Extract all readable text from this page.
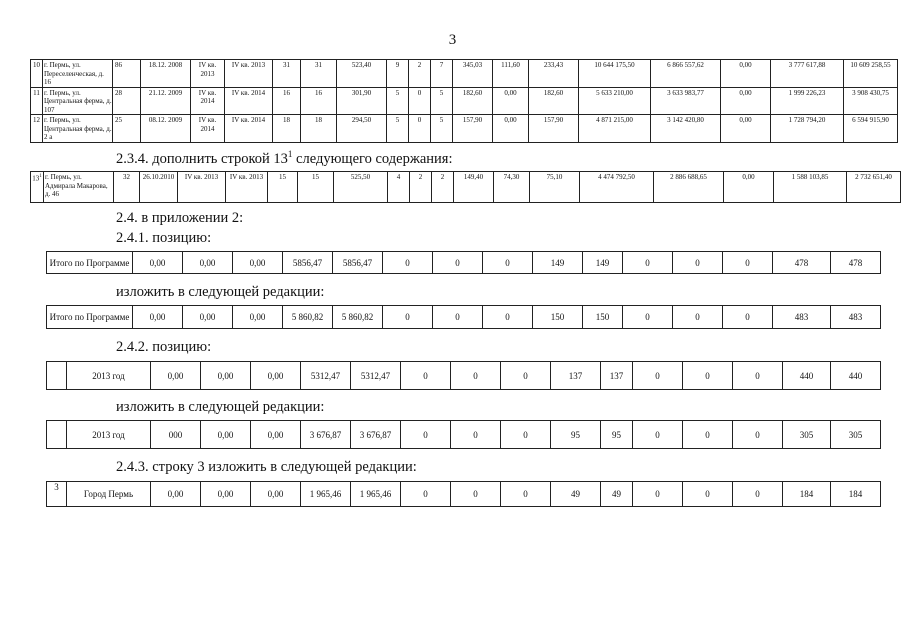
3
10	г. Пермь, ул. Переселенческая, д. 16	86	18.12. 2008	IV кв. 2013	IV кв. 2013	31	31	523,40	9	2	7	345,03	111,60	233,43	10 644 175,50	6 866 557,62	0,00	3 777 617,88	10 609 258,55
11	г. Пермь, ул. Центральная ферма, д. 107	28	21.12. 2009	IV кв. 2014	IV кв. 2014	16	16	301,90	5	0	5	182,60	0,00	182,60	5 633 210,00	3 633 983,77	0,00	1 999 226,23	3 908 430,75
12	г. Пермь, ул. Центральная ферма, д. 2 а	25	08.12. 2009	IV кв. 2014	IV кв. 2014	18	18	294,50	5	0	5	157,90	0,00	157,90	4 871 215,00	3 142 420,80	0,00	1 728 794,20	6 594 915,90
2.3.4. дополнить строкой $13^1$ следующего содержания:
$13^1$	г. Пермь, ул. Адмирала Макарова, д. 46	32	26.10.2010	IV кв. 2013	IV кв. 2013	15	15	525,50	4	2	2	149,40	74,30	75,10	4 474 792,50	2 886 688,65	0,00	1 588 103,85	2 732 651,40
2.4. в приложении 2:
2.4.1. позицию:
Итого по Программе	0,00	0,00	0,00	5856,47	5856,47	0	0	0	149	149	0	0	0	478	478
изложить в следующей редакции:
Итого по Программе	0,00	0,00	0,00	5 860,82	5 860,82	0	0	0	150	150	0	0	0	483	483
2.4.2. позицию:
	2013 год	0,00	0,00	0,00	5312,47	5312,47	0	0	0	137	137	0	0	0	440	440
изложить в следующей редакции:
	2013 год	000	0,00	0,00	3 676,87	3 676,87	0	0	0	95	95	0	0	0	305	305
2.4.3. строку 3 изложить в следующей редакции:
3	Город Пермь	0,00	0,00	0,00	1 965,46	1 965,46	0	0	0	49	49	0	0	0	184	184
